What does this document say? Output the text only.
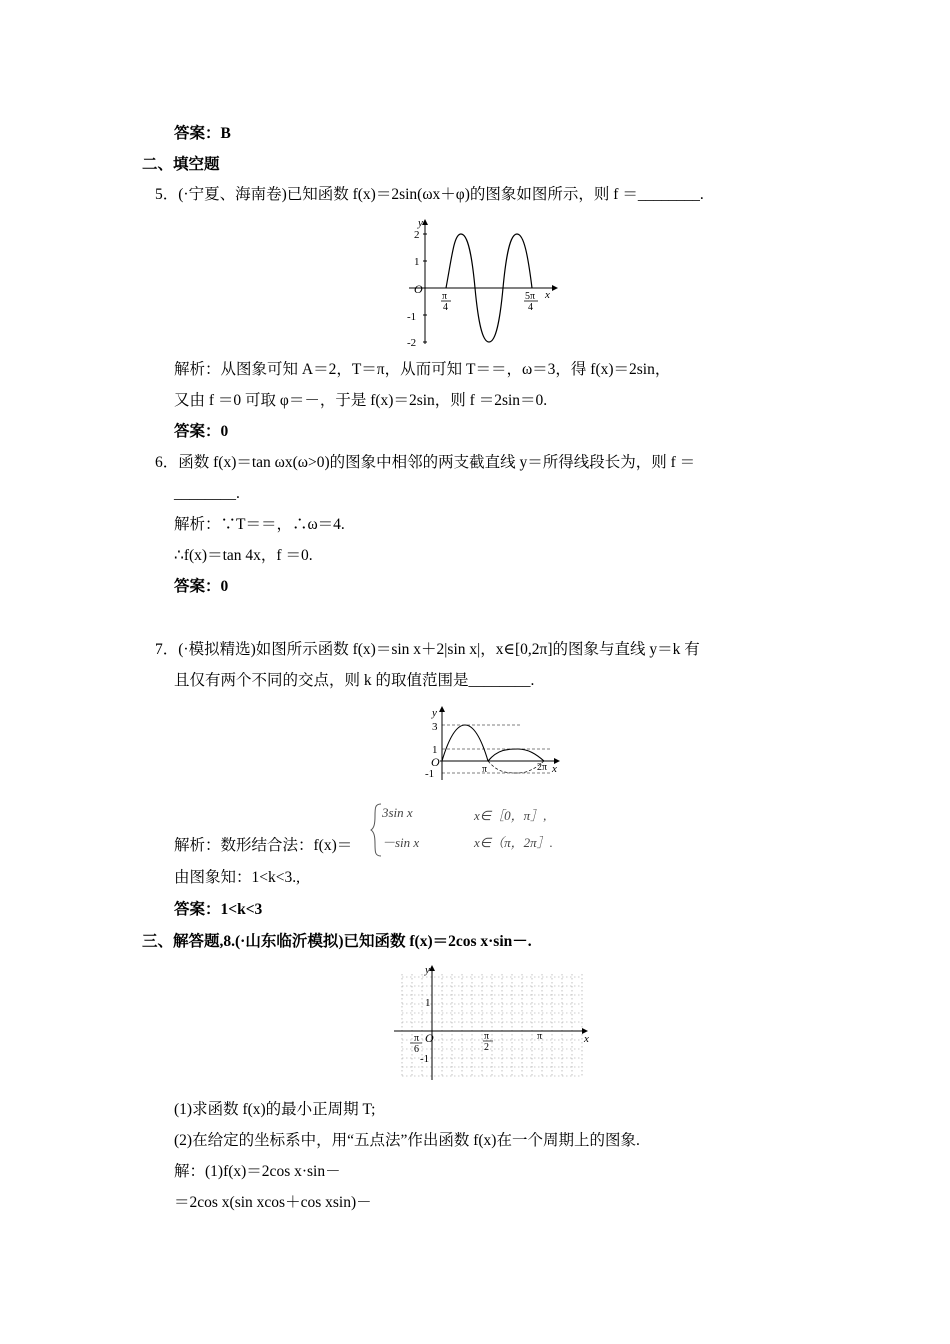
答案：B
二、填空题
5．(·宁夏、海南卷)已知函数 f(x)＝2sin(ωx＋φ)的图象如图所示，则 f ＝________.
y
x
O
2
1
-1
-2
π
4
5π
4
解析：从图象可知 A＝2，T＝π，从而可知 T＝＝，ω＝3，得 f(x)＝2sin，
又由 f ＝0 可取 φ＝－，于是 f(x)＝2sin，则 f ＝2sin＝0.
答案：0
6．函数 f(x)＝tan ωx(ω>0)的图象中相邻的两支截直线 y＝所得线段长为，则 f ＝
________.
解析：∵T＝＝，∴ω＝4.
∴f(x)＝tan 4x，f ＝0.
答案：0
7．(·模拟精选)如图所示函数 f(x)＝sin x＋2|sin x|，x∈[0,2π]的图象与直线 y＝k 有
且仅有两个不同的交点，则 k 的取值范围是________.
y
x
O
3
1
-1	π	2π
3sin x	x∈［0，π］,
－sin x	x∈（π，2π］.
解析：数形结合法：f(x)＝
由图象知：1<k<3.,
答案：1<k<3
三、解答题,8.(·山东临沂模拟)已知函数 f(x)＝2cos x·sin－.
y
x
O
1
-1
π
6
π
2
π
(1)求函数 f(x)的最小正周期 T;
(2)在给定的坐标系中，用“五点法”作出函数 f(x)在一个周期上的图象.
解：(1)f(x)＝2cos x·sin－
＝2cos x(sin xcos＋cos xsin)－
